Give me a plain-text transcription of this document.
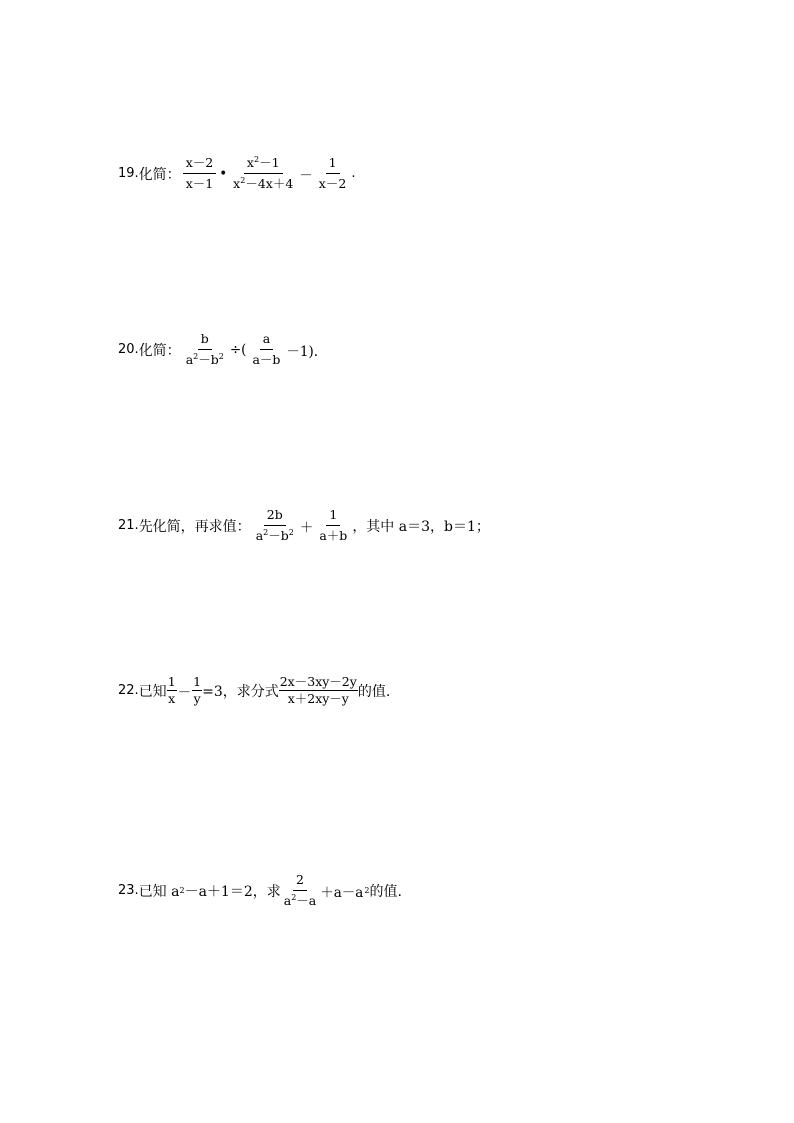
19. 化简： $\frac{x-2}{x-1}$ • $\frac{x^2-1}{x^2-4x+4} - \frac{1}{x-2}$ .
20. 化简： $\frac{b}{a^2-b^2}$ ÷( $\frac{a}{a-b} -1$).
21. 先化简，再求值： $\frac{2b}{a^2-b^2} + \frac{1}{a+b}$ ，其中 a＝3，b＝1；
22. 已知 $\frac{1}{x} - \frac{1}{y} =3$，求分式 $\frac{2x-3xy-2y}{x+2xy-y}$ 的值.
23. 已知 a 2 －a＋1＝2，求 $\frac{2}{a^2-a} +a-a$ 2 的值.
